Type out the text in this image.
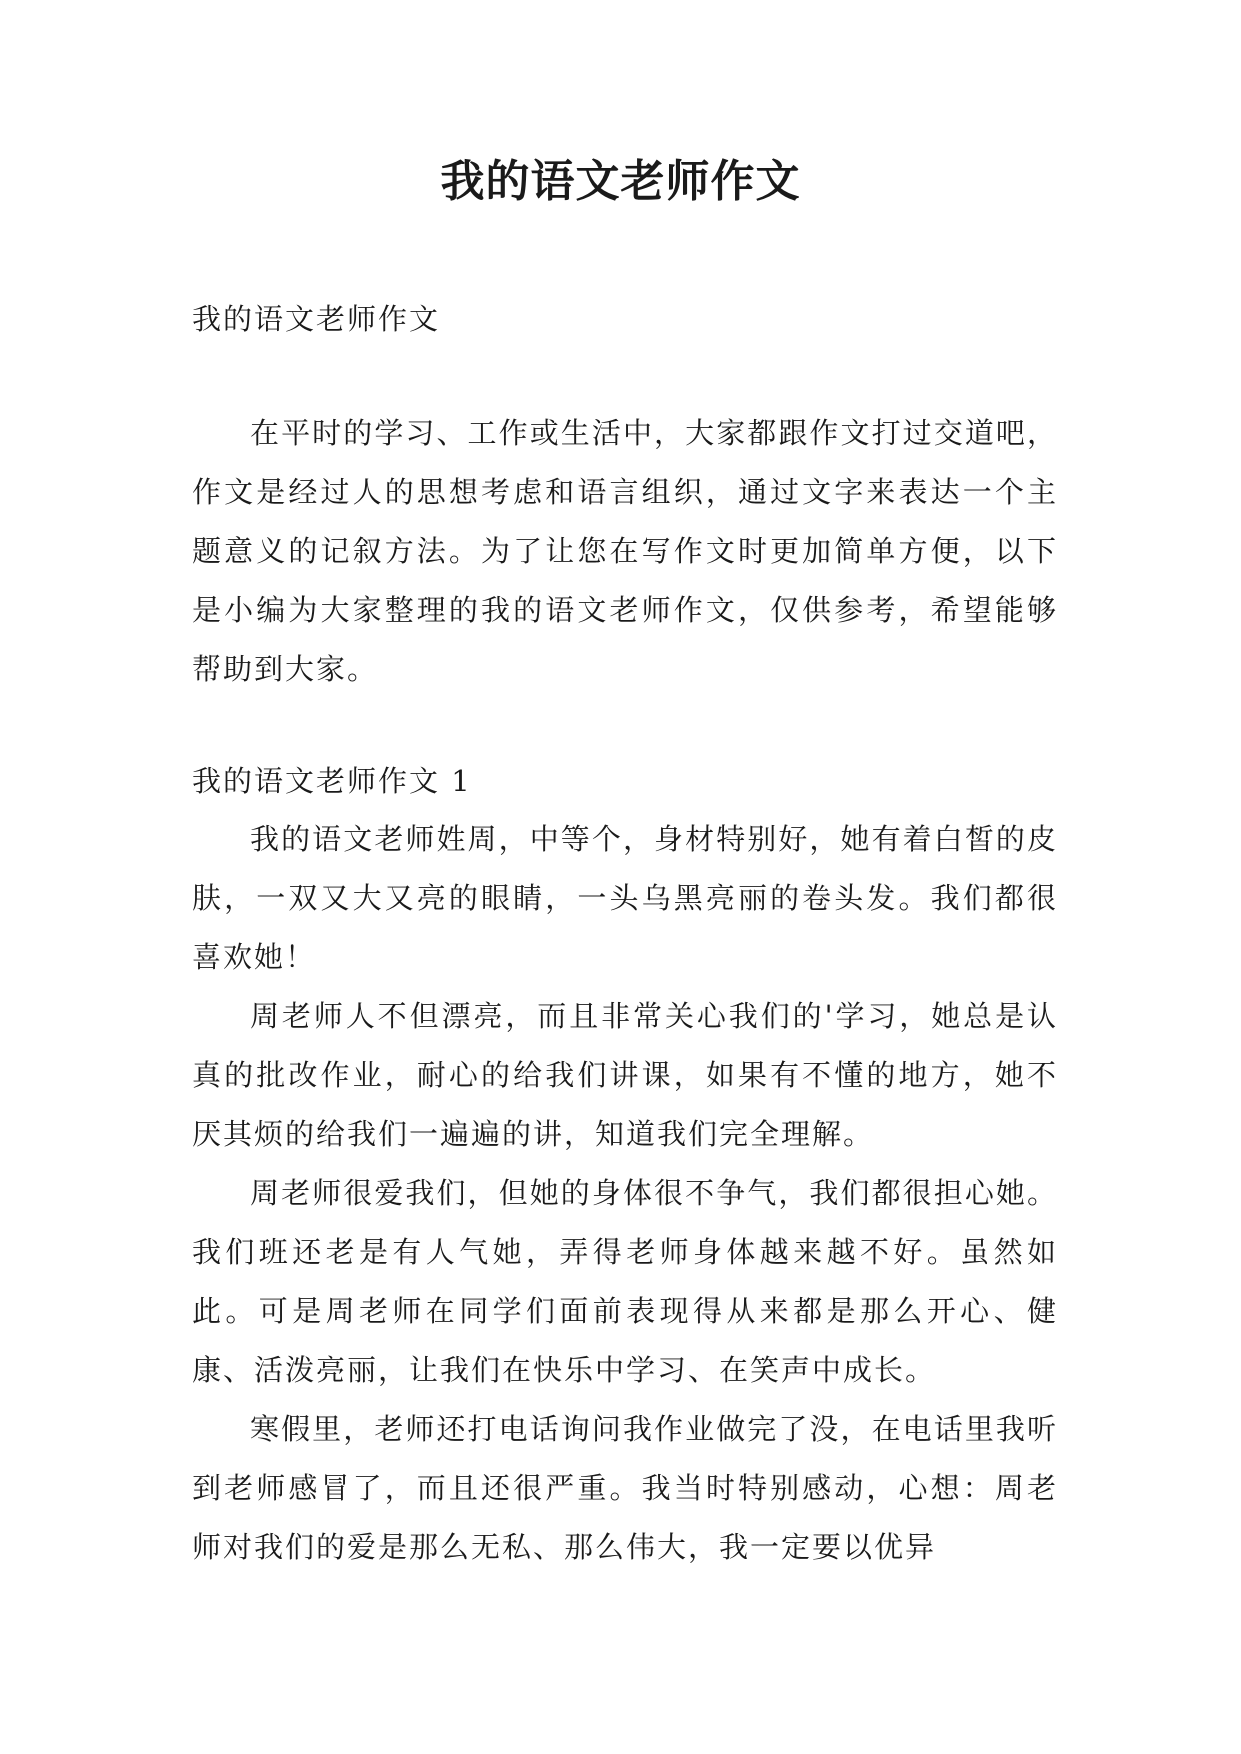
我的语文老师作文

我的语文老师作文

在平时的学习、工作或生活中，大家都跟作文打过交道吧，作文是经过人的思想考虑和语言组织，通过文字来表达一个主题意义的记叙方法。为了让您在写作文时更加简单方便，以下是小编为大家整理的我的语文老师作文，仅供参考，希望能够帮助到大家。

我的语文老师作文 1

我的语文老师姓周，中等个，身材特别好，她有着白皙的皮肤，一双又大又亮的眼睛，一头乌黑亮丽的卷头发。我们都很喜欢她！

周老师人不但漂亮，而且非常关心我们的'学习，她总是认真的批改作业，耐心的给我们讲课，如果有不懂的地方，她不厌其烦的给我们一遍遍的讲，知道我们完全理解。

周老师很爱我们，但她的身体很不争气，我们都很担心她。我们班还老是有人气她，弄得老师身体越来越不好。虽然如此。可是周老师在同学们面前表现得从来都是那么开心、健康、活泼亮丽，让我们在快乐中学习、在笑声中成长。

寒假里，老师还打电话询问我作业做完了没，在电话里我听到老师感冒了，而且还很严重。我当时特别感动，心想：周老师对我们的爱是那么无私、那么伟大，我一定要以优异
